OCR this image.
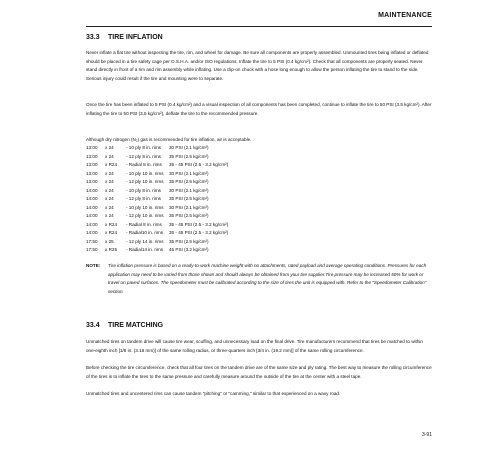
MAINTENANCE
33.3 TIRE INFLATION
Never inflate a flat tire without inspecting the tire, rim, and wheel for damage. Be sure all components are properly assembled. Unmounted tires being inflated or deflated should be placed in a tire safety cage per O.S.H.A. and/or ISO regulations. Inflate the tire to 5 PSI (0.4 kg/cm²). Check that all components are properly seated. Never stand directly in front of a rim and rim assembly while inflating. Use a clip-on chuck with a hose long enough to allow the person inflating the tire to stand to the side. Serious injury could result if the tire and mounting were to separate.
Once the tire has been inflated to 5 PSI (0.4 kg/cm²) and a visual inspection of all components has been completed, continue to inflate the tire to 50 PSI (3.5 kg/cm²). After inflating the tire to 50 PSI (3.5 kg/cm²), deflate the tire to the recommended pressure.
Although dry nitrogen (N₂) gas is recommended for tire inflation, air is acceptable.
13:00 x 24	- 10 ply 8 in. rims 30 PSI (2.1 kg/cm²)
13:00 x 24	- 12 ply 8 in. rims 35 PSI (2.5 kg/cm²)
13:00 x R24 - Radial 8 in. rims 35 - 45 PSI (2.5 - 3.2 kg/cm²)
13:00 x 24	- 10 ply 10 in. rims 30 PSI (2.1 kg/cm²)
13:00 x 24	- 12 ply 10 in. rims 35 PSI (2.5 kg/cm²)
14:00 x 24	- 10 ply 8 in. rims 30 PSI (2.1 kg/cm²)
14:00 x 24	- 12 ply 8 in. rims 35 PSI (2.5 kg/cm²)
14:00 x 24	- 10 ply 10 in. rims 30 PSI (2.1 kg/cm²)
14:00 x 24	- 12 ply 10 in. rims 35 PSI (2.5 kg/cm²)
14:00 x R24 - Radial 8 in. rims 35 - 45 PSI (2.5 - 3.2 kg/cm²)
14:00 x R24 - Radial10 in. rims 35 - 45 PSI (2.5 - 3.2 kg/cm²)
17:50 x 25	- 12 ply 14 in. rims 35 PSI (2.5 kg/cm²)
17:50 x R25 - Radial14 in. rims 45 PSI (3.2 kg/cm²)
NOTE: Tire inflation pressure is based on a ready-to-work machine weight with no attachments, rated payload and average operating conditions. Pressures for each application may need to be varied from those shown and should always be obtained from your tire supplier.Tire pressure may be increased 50% for work or travel on paved surfaces. The speedometer must be calibrated according to the size of tires the unit is equipped with. Refer to the "Speedometer Calibration" section.
33.4 TIRE MATCHING
Unmatched tires on tandem drive will cause tire wear, scuffing, and unnecessary load on the final drive. Tire manufacturers recommend that tires be matched to within one-eighth inch [1/8 in. (3.18 mm)] of the same rolling radius, or three-quarters inch [3/4 in. (19.2 mm)] of the same rolling circumference.
Before checking the tire circumference, check that all four tires on the tandem drive are of the same size and ply rating. The best way to measure the rolling circumference of the tires is to inflate the tires to the same pressure and carefully measure around the outside of the tire at the center with a steel tape.
Unmatched tires and uncentered rims can cause tandem "pitching" or "camming," similar to that experienced on a wavy road.
3-91
